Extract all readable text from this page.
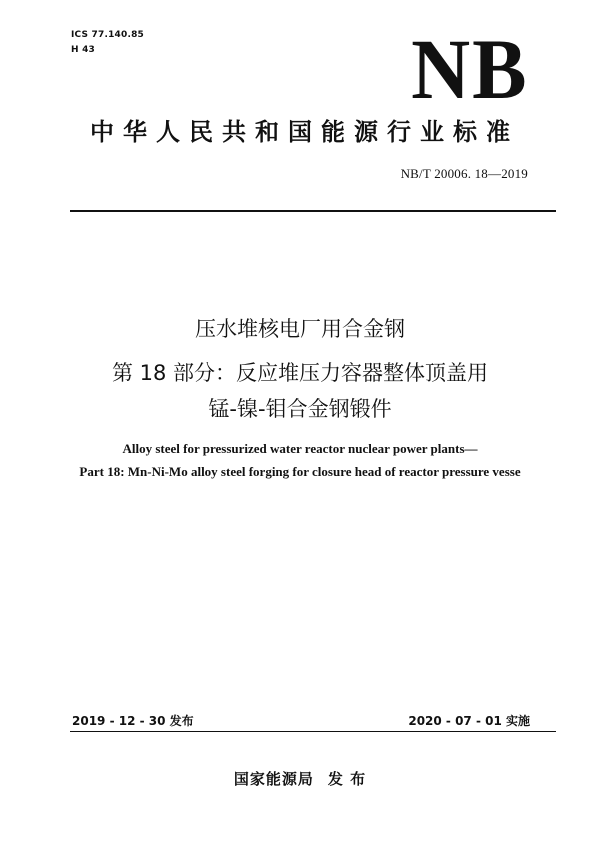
ICS 77.140.85
H 43	NB
中华人民共和国能源行业标准
NB/T 20006. 18—2019
压水堆核电厂用合金钢
第 18 部分：反应堆压力容器整体顶盖用
锰-镍-钼合金钢锻件
Alloy steel for pressurized water reactor nuclear power plants—
Part 18: Mn-Ni-Mo alloy steel forging for closure head of reactor pressure vesse
2019 - 12 - 30 发布	2020 - 07 - 01 实施
国家能源局 发 布
